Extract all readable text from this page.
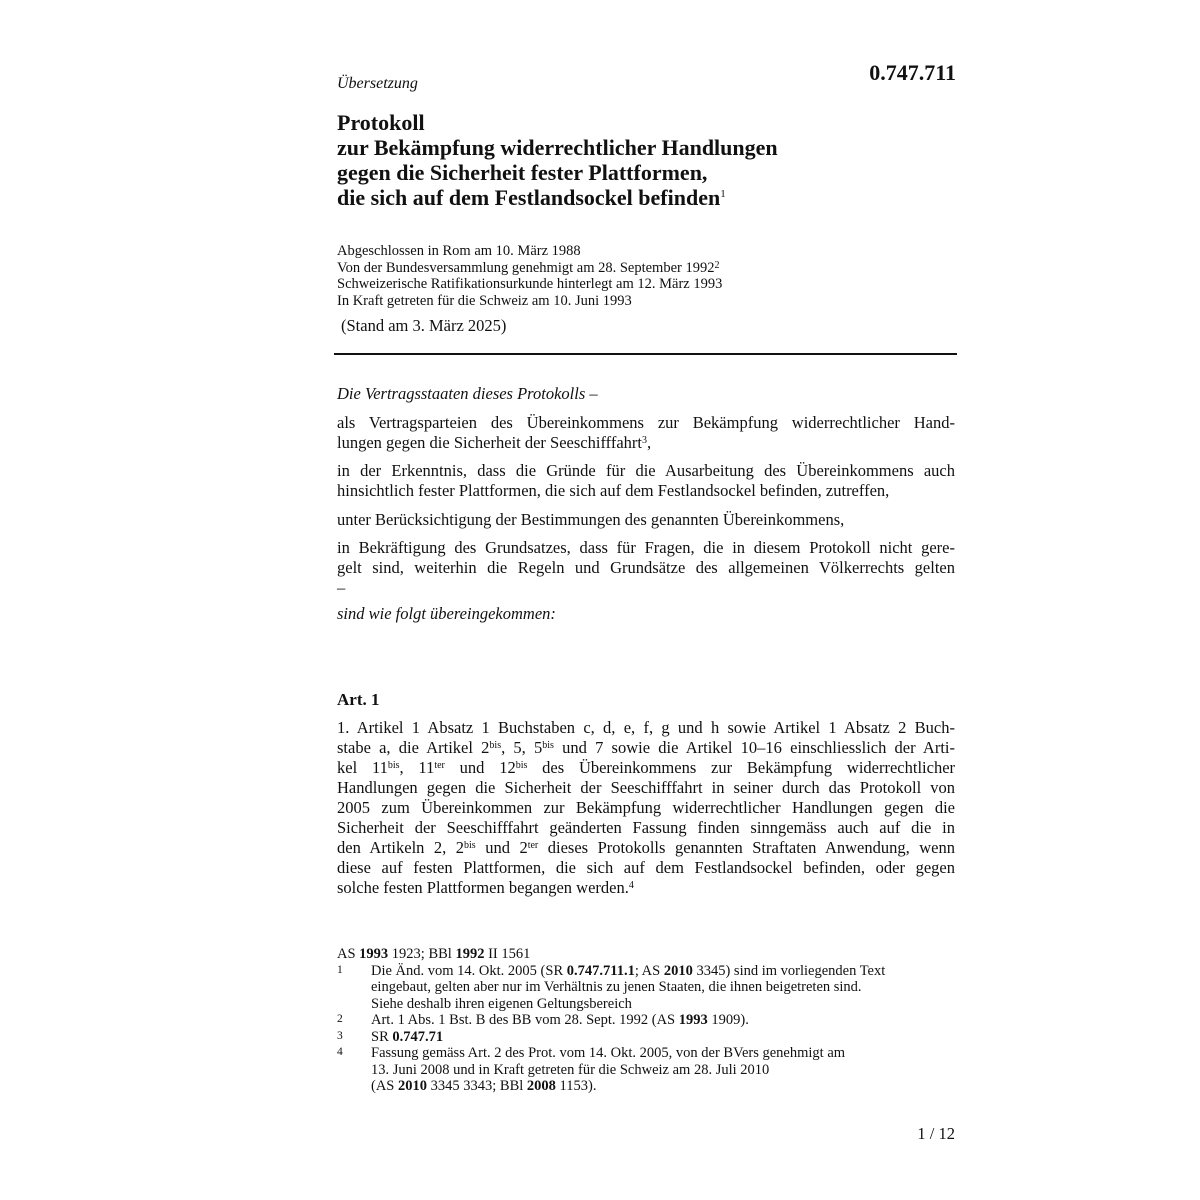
0.747.711
Übersetzung
Protokoll
zur Bekämpfung widerrechtlicher Handlungen
gegen die Sicherheit fester Plattformen,
die sich auf dem Festlandsockel befinden$^1$
Abgeschlossen in Rom am 10. März 1988
Von der Bundesversammlung genehmigt am 28. September 1992$^2$
Schweizerische Ratifikationsurkunde hinterlegt am 12. März 1993
In Kraft getreten für die Schweiz am 10. Juni 1993
(Stand am 3. März 2025)
Die Vertragsstaaten dieses Protokolls –
als Vertragsparteien des Übereinkommens zur Bekämpfung widerrechtlicher Hand-
lungen gegen die Sicherheit der Seeschifffahrt$^3$,
in der Erkenntnis, dass die Gründe für die Ausarbeitung des Übereinkommens auch
hinsichtlich fester Plattformen, die sich auf dem Festlandsockel befinden, zutreffen,
unter Berücksichtigung der Bestimmungen des genannten Übereinkommens,
in Bekräftigung des Grundsatzes, dass für Fragen, die in diesem Protokoll nicht gere-
gelt sind, weiterhin die Regeln und Grundsätze des allgemeinen Völkerrechts gelten
–
sind wie folgt übereingekommen:
Art. 1
1. Artikel 1 Absatz 1 Buchstaben c, d, e, f, g und h sowie Artikel 1 Absatz 2 Buch-
stabe a, die Artikel $2^{bis}$, 5, $5^{bis}$ und 7 sowie die Artikel 10–16 einschliesslich der Arti-
kel $11^{bis}$, $11^{ter}$ und $12^{bis}$ des Übereinkommens zur Bekämpfung widerrechtlicher
Handlungen gegen die Sicherheit der Seeschifffahrt in seiner durch das Protokoll von
2005 zum Übereinkommen zur Bekämpfung widerrechtlicher Handlungen gegen die
Sicherheit der Seeschifffahrt geänderten Fassung finden sinngemäss auch auf die in
den Artikeln 2, $2^{bis}$ und $2^{ter}$ dieses Protokolls genannten Straftaten Anwendung, wenn
diese auf festen Plattformen, die sich auf dem Festlandsockel befinden, oder gegen
solche festen Plattformen begangen werden.$^4$
AS 1993 1923; BBl 1992 II 1561
1 Die Änd. vom 14. Okt. 2005 (SR 0.747.711.1; AS 2010 3345) sind im vorliegenden Text
eingebaut, gelten aber nur im Verhältnis zu jenen Staaten, die ihnen beigetreten sind.
Siehe deshalb ihren eigenen Geltungsbereich
2 Art. 1 Abs. 1 Bst. B des BB vom 28. Sept. 1992 (AS 1993 1909).
3 SR 0.747.71
4 Fassung gemäss Art. 2 des Prot. vom 14. Okt. 2005, von der BVers genehmigt am
13. Juni 2008 und in Kraft getreten für die Schweiz am 28. Juli 2010
(AS 2010 3345 3343; BBl 2008 1153).
1 / 12
